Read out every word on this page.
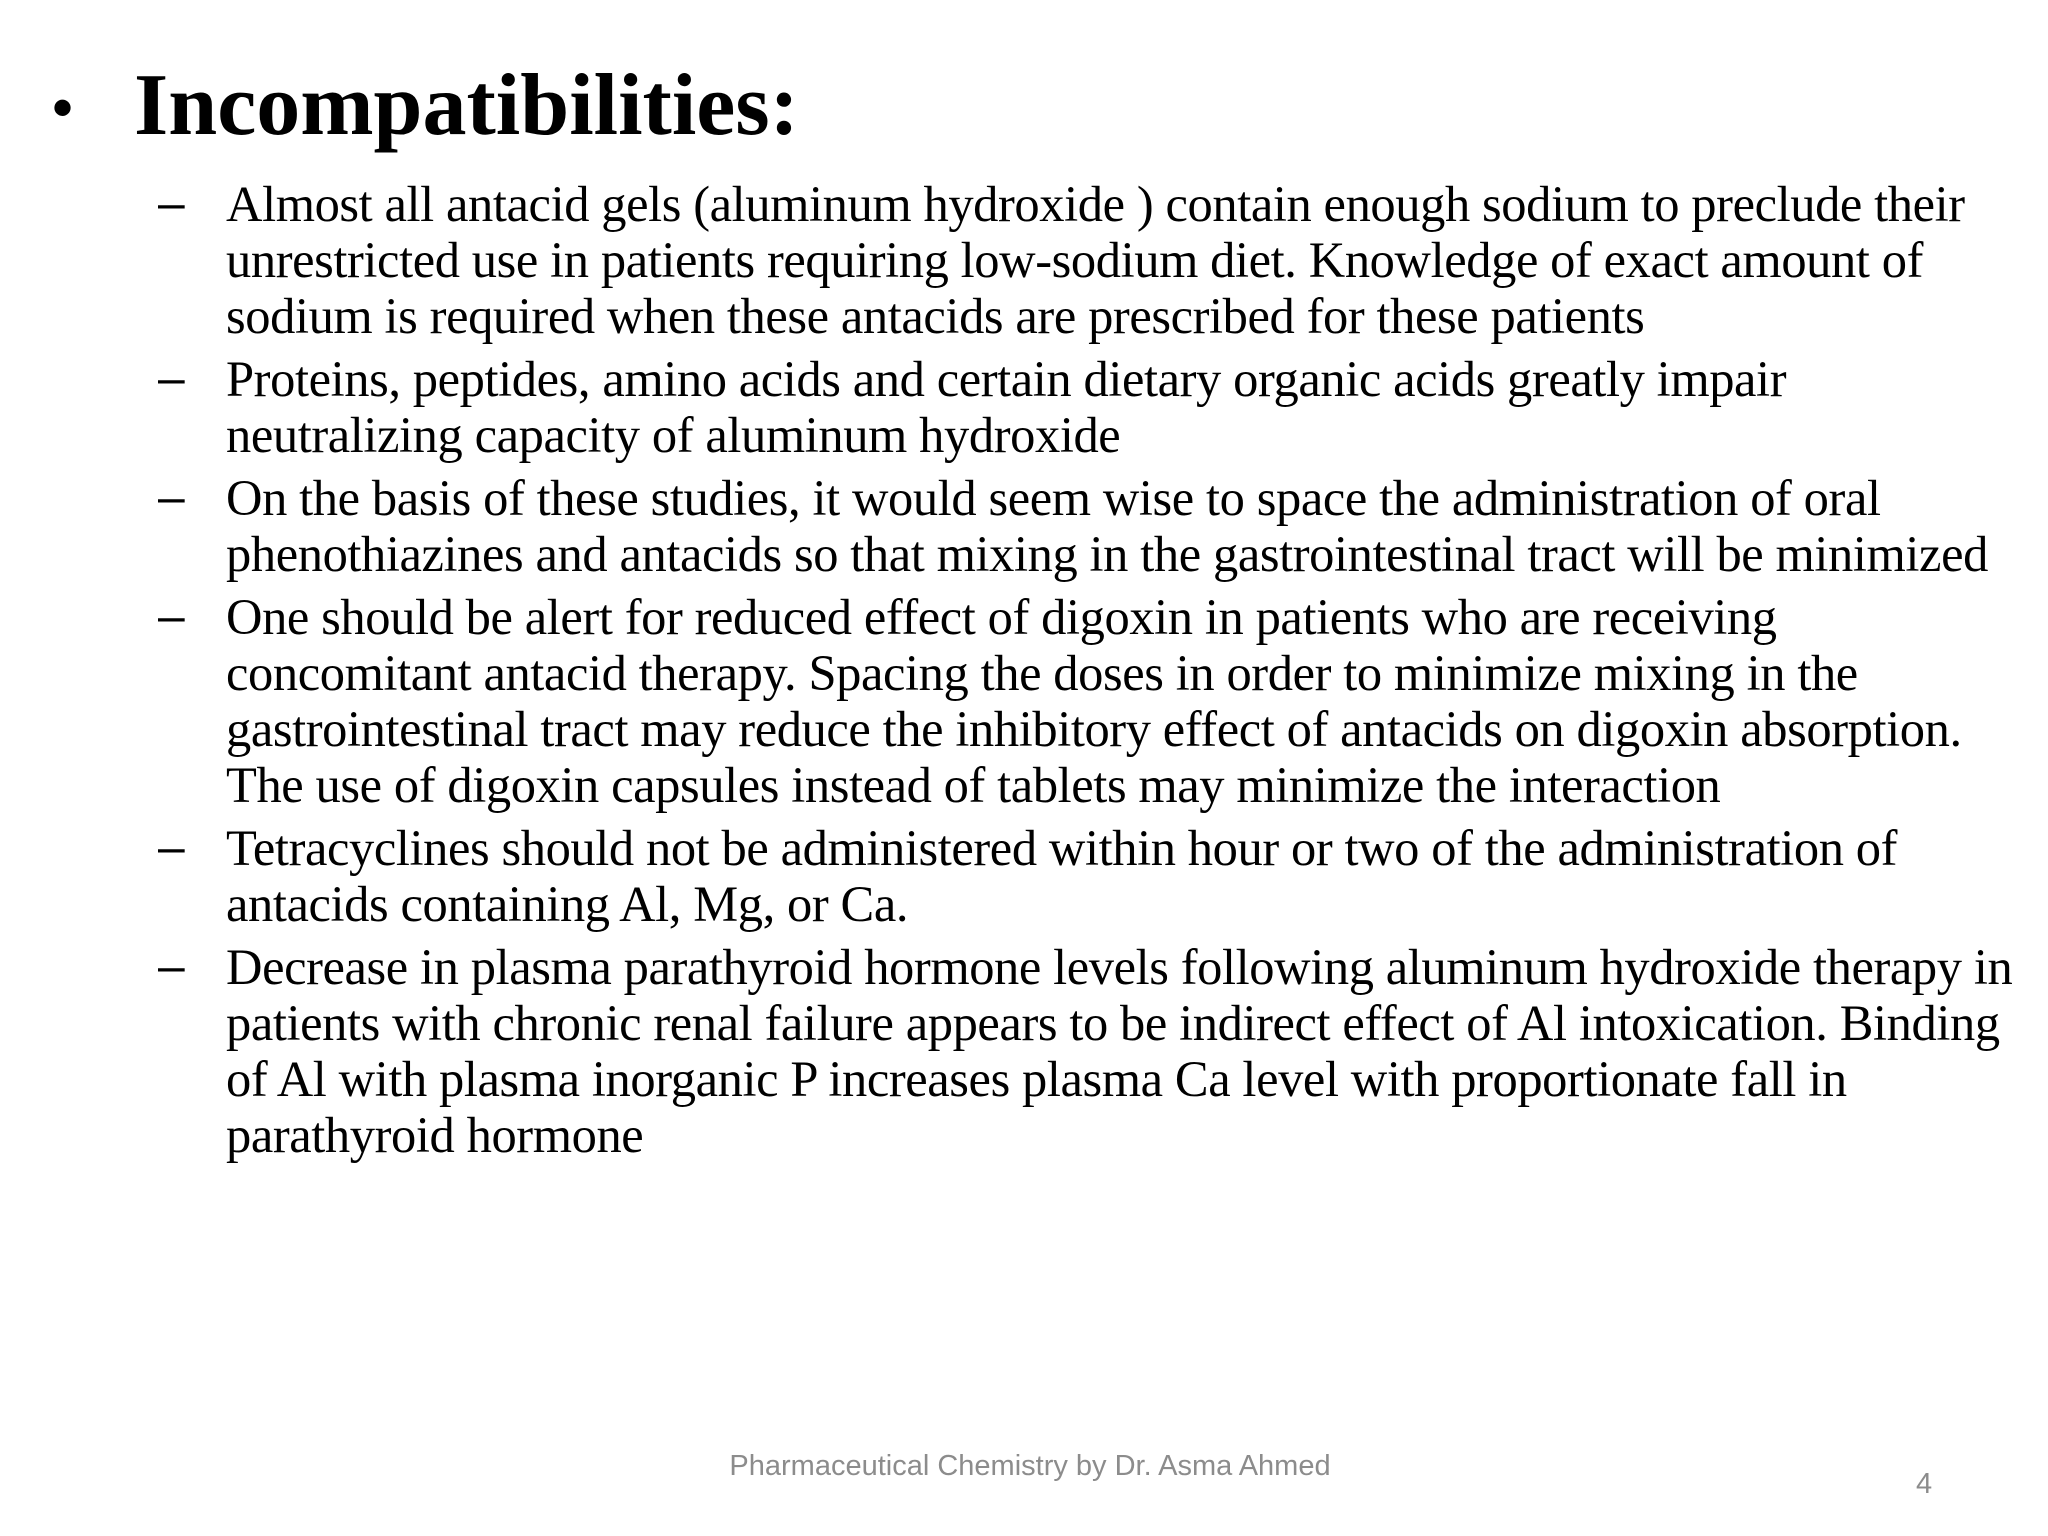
• Incompatibilities:
– Almost all antacid gels (aluminum hydroxide ) contain enough sodium to preclude their unrestricted use in patients requiring low-sodium diet. Knowledge of exact amount of sodium is required when these antacids are prescribed for these patients
– Proteins, peptides, amino acids and certain dietary organic acids greatly impair neutralizing capacity of aluminum hydroxide
– On the basis of these studies, it would seem wise to space the administration of oral phenothiazines and antacids so that mixing in the gastrointestinal tract will be minimized
– One should be alert for reduced effect of digoxin in patients who are receiving concomitant antacid therapy. Spacing the doses in order to minimize mixing in the gastrointestinal tract may reduce the inhibitory effect of antacids on digoxin absorption. The use of digoxin capsules instead of tablets may minimize the interaction
– Tetracyclines should not be administered within hour or two of the administration of antacids containing Al, Mg, or Ca.
– Decrease in plasma parathyroid hormone levels following aluminum hydroxide therapy in patients with chronic renal failure appears to be indirect effect of Al intoxication. Binding of Al with plasma inorganic P increases plasma Ca level with proportionate fall in parathyroid hormone
Pharmaceutical Chemistry by Dr. Asma Ahmed
4
